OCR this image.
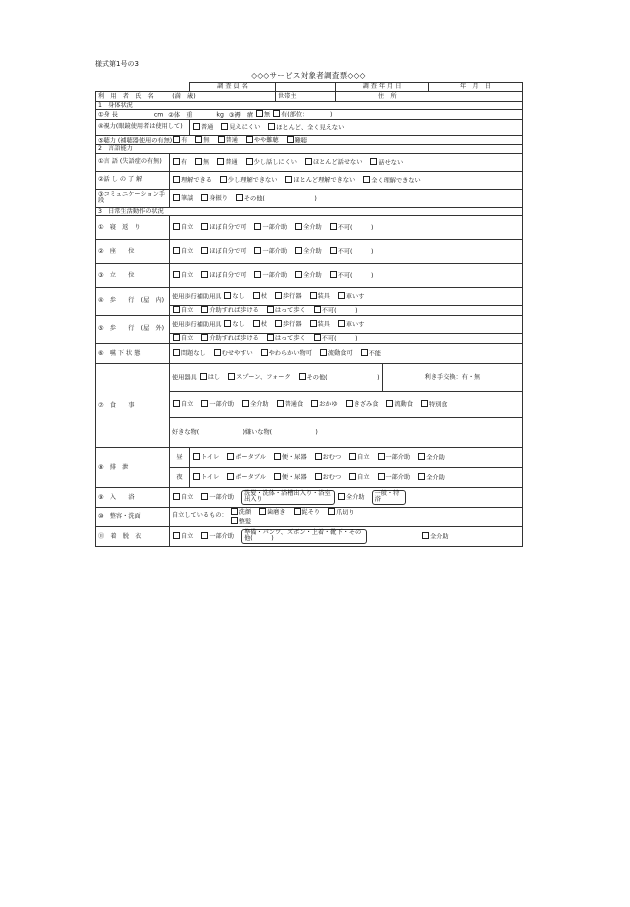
様式第1号の3
◇◇◇サービス対象者調査票◇◇◇
		調 査 員 名		調 査 年 月 日		年　月　日
利　用　者　氏　名　　　 (満　歳)			世帯主	住　所		
1　身体状況						
①身 長 cm ②体　重 kg ③褥　瘡 無 有(部位：　　　　)						
④視力(眼鏡使用者は使用して)		普通 見えにくい ほとんど、全く見えない				
⑤聴力 (補聴器使用の有無) 有 無 普通 やや難聴 難聴						
2　言語能力						
①言 語 (失語症の有無)	有 無 普通 少し話しにくい ほとんど話せない 話せない					
②話 し の 了 解	理解できる 少し理解できない ほとんど理解できない 全く理解できない					
③コミュニケーション手段	筆談 身振り その他(　　　　　　　　)					
3　日常生活動作の状況						
①　寝　返　り	自立 ほぼ自分で可 一部介助 全介助 不可(　　　)					
②　座　　位	自立 ほぼ自分で可 一部介助 全介助 不可(　　　)					
③　立　　位	自立 ほぼ自分で可 一部介助 全介助 不可(　　　)					
④　歩　　行　(屋　内)	使用歩行補助用具 なし 杖 歩行器 装具 車いす					
	自立 介助すれば歩ける はって歩く 不可(　　　)					
⑤　歩　　行　(屋　外)	使用歩行補助用具 なし 杖 歩行器 装具 車いす					
	自立 介助すれば歩ける はって歩く 不可(　　　)					
⑥　嚥 下 状 態	問題なし むせやすい やわらかい物可 流動食可 不能					
⑦　食　　事	使用器具 はし スプーン、フォーク その他(　　　　　　　　)				利き手交換：有・無	
	自立 一部介助 全介助 普通食 おかゆ きざみ食 流動食 特別食					
	好きな物(　　　　　　　)嫌いな物(　　　　　　　)					
⑧　排　泄	昼	トイレ ポータブル 便・尿器 おむつ 自立 一部介助 全介助				
	夜	トイレ ポータブル 便・尿器 おむつ 自立 一部介助 全介助				
⑨　入　　浴	自立 一部介助 洗髪・洗体・浴槽出入り・浴室出入り 全介助 一般・特浴					
⑩　整容・洗面	自立しているもの： 洗顔 歯磨き 髭そり 爪切り
整髪					
⑪　着　脱　衣	自立 一部介助 準備・パンツ、ズボン・上着・靴下・その他(　　　) 全介助					
